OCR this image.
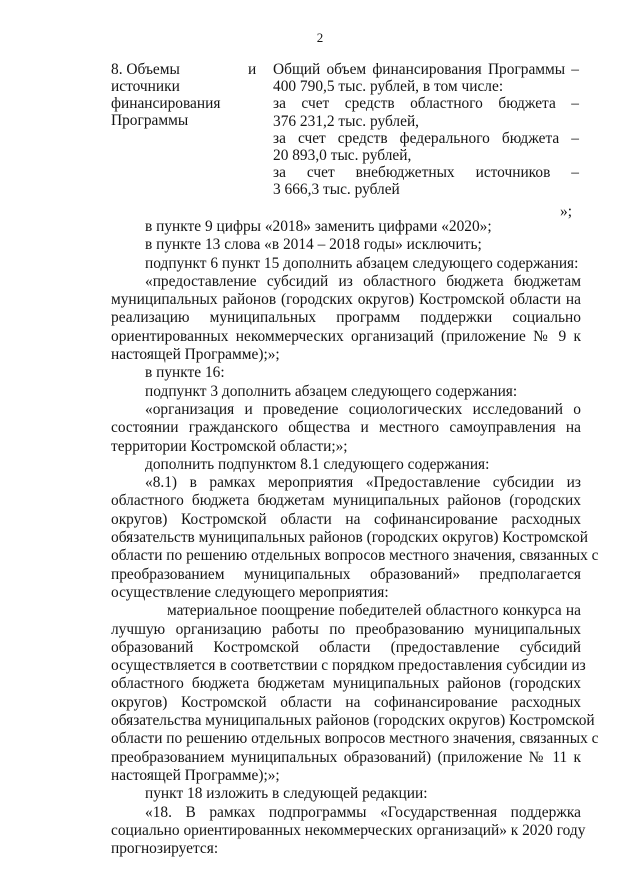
2
8. Объемы	и
источники
финансирования
Программы
Общий объем финансирования Программы –
400 790,5 тыс. рублей, в том числе:
за счет средств областного бюджета –
376 231,2 тыс. рублей,
за счет средств федерального бюджета –
20 893,0 тыс. рублей,
за счет внебюджетных источников –
3 666,3 тыс. рублей
»;

в пункте 9 цифры «2018» заменить цифрами «2020»;

в пункте 13 слова «в 2014 – 2018 годы» исключить;

подпункт 6 пункт 15 дополнить абзацем следующего содержания:

«предоставление субсидий из областного бюджета бюджетам

муниципальных районов (городских округов) Костромской области на

реализацию муниципальных программ поддержки социально

ориентированных некоммерческих организаций (приложение № 9 к

настоящей Программе);»;

в пункте 16:

подпункт 3 дополнить абзацем следующего содержания:

«организация и проведение социологических исследований о

состоянии гражданского общества и местного самоуправления на

территории Костромской области;»;

дополнить подпунктом 8.1 следующего содержания:

«8.1) в рамках мероприятия «Предоставление субсидии из

областного бюджета бюджетам муниципальных районов (городских

округов) Костромской области на софинансирование расходных

обязательств муниципальных районов (городских округов) Костромской

области по решению отдельных вопросов местного значения, связанных с

преобразованием муниципальных образований» предполагается

осуществление следующего мероприятия:

материальное поощрение победителей областного конкурса на

лучшую организацию работы по преобразованию муниципальных

образований Костромской области (предоставление субсидий

осуществляется в соответствии с порядком предоставления субсидии из

областного бюджета бюджетам муниципальных районов (городских

округов) Костромской области на софинансирование расходных

обязательства муниципальных районов (городских округов) Костромской

области по решению отдельных вопросов местного значения, связанных с

преобразованием муниципальных образований) (приложение № 11 к

настоящей Программе);»;

пункт 18 изложить в следующей редакции:

«18. В рамках подпрограммы «Государственная поддержка

социально ориентированных некоммерческих организаций» к 2020 году

прогнозируется:
